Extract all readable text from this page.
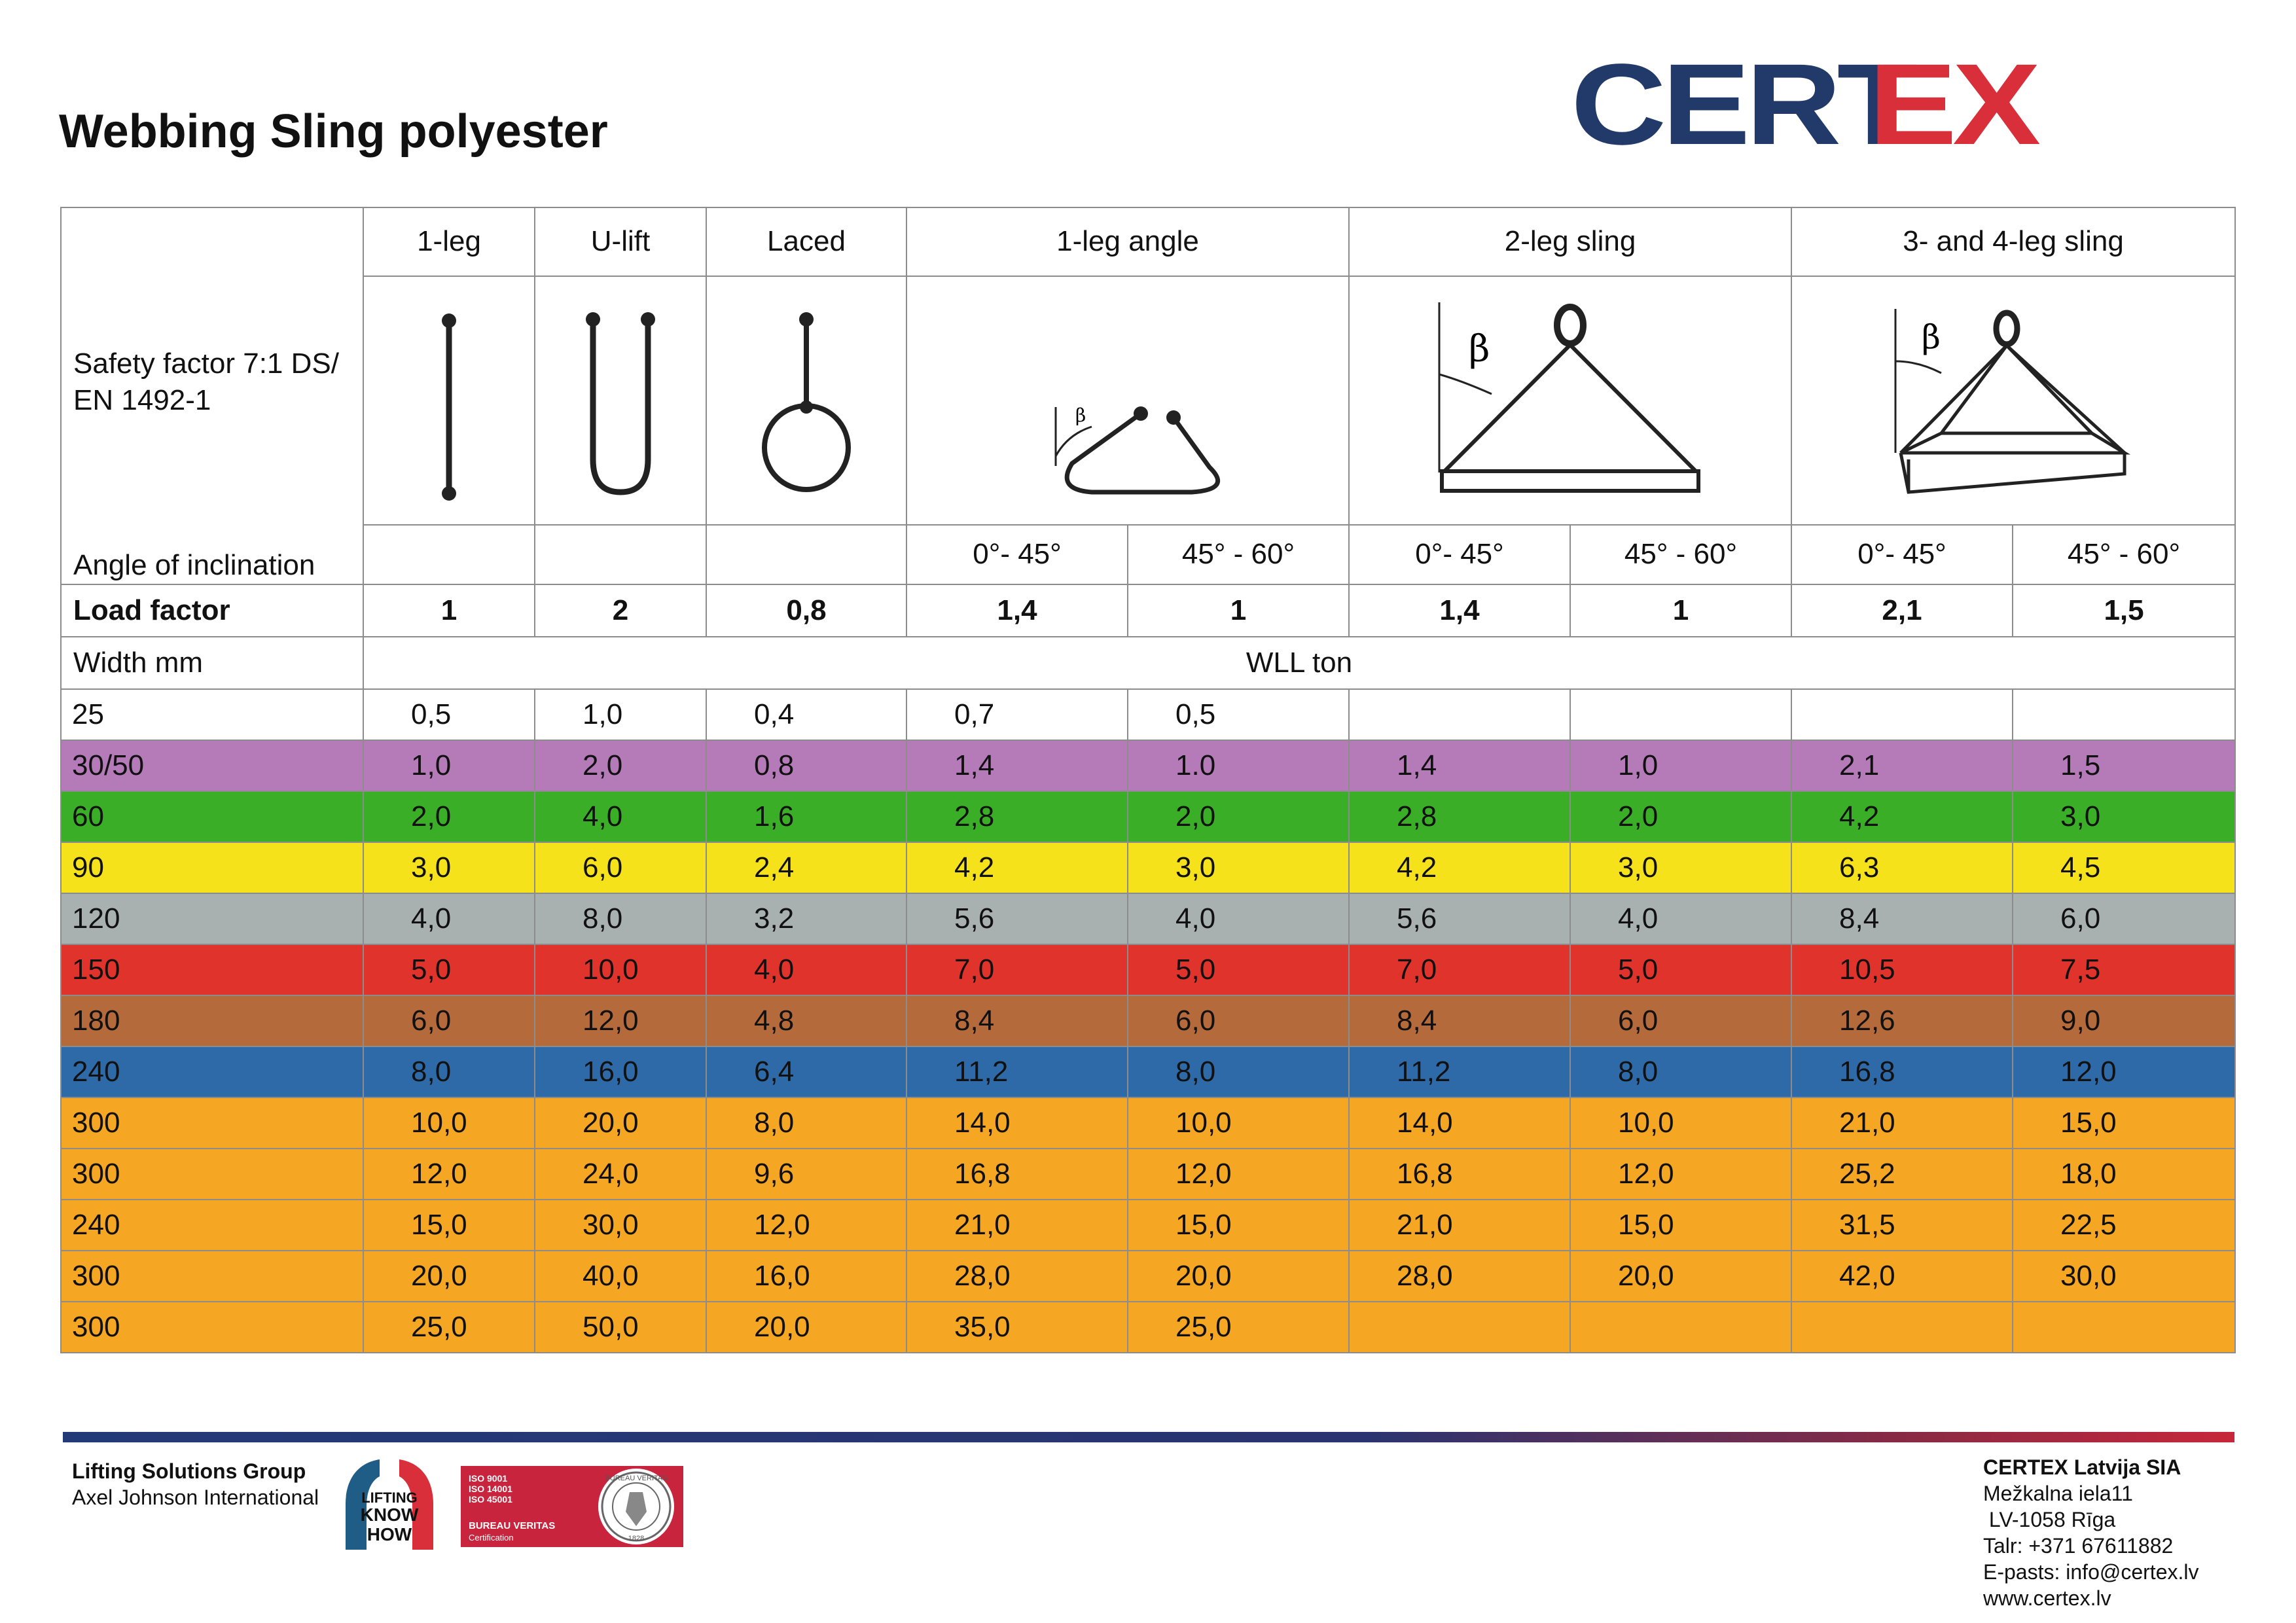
Webbing Sling polyester	CERTEX
Safety factor 7:1 DS/
EN 1492-1
Angle of inclination	1-leg	U-lift	Laced	1-leg angle		2-leg sling		3- and 4-leg sling	

β		β		β	

				0°- 45°	45° - 60°	0°- 45°	45° - 60°	0°- 45°	45° - 60°
Load factor	1	2	0,8	1,4	1	1,4	1	2,1	1,5
Width mm	WLL ton								
25	0,5	1,0	0,4	0,7	0,5				
30/50	1,0	2,0	0,8	1,4	1.0	1,4	1,0	2,1	1,5
60	2,0	4,0	1,6	2,8	2,0	2,8	2,0	4,2	3,0
90	3,0	6,0	2,4	4,2	3,0	4,2	3,0	6,3	4,5
120	4,0	8,0	3,2	5,6	4,0	5,6	4,0	8,4	6,0
150	5,0	10,0	4,0	7,0	5,0	7,0	5,0	10,5	7,5
180	6,0	12,0	4,8	8,4	6,0	8,4	6,0	12,6	9,0
240	8,0	16,0	6,4	11,2	8,0	11,2	8,0	16,8	12,0
300	10,0	20,0	8,0	14,0	10,0	14,0	10,0	21,0	15,0
300	12,0	24,0	9,6	16,8	12,0	16,8	12,0	25,2	18,0
240	15,0	30,0	12,0	21,0	15,0	21,0	15,0	31,5	22,5
300	20,0	40,0	16,0	28,0	20,0	28,0	20,0	42,0	30,0
300	25,0	50,0	20,0	35,0	25,0				
Lifting Solutions Group
Axel Johnson International	LIFTING
KNOW
HOW
ISO 9001
ISO 14001
ISO 45001
BUREAU VERITAS
Certification
BUREAU VERITAS
1828
CERTEX Latvija SIA
Mežkalna iela11
LV-1058 Rīga
Talr: +371 67611882
E-pasts: info@certex.lv
www.certex.lv
